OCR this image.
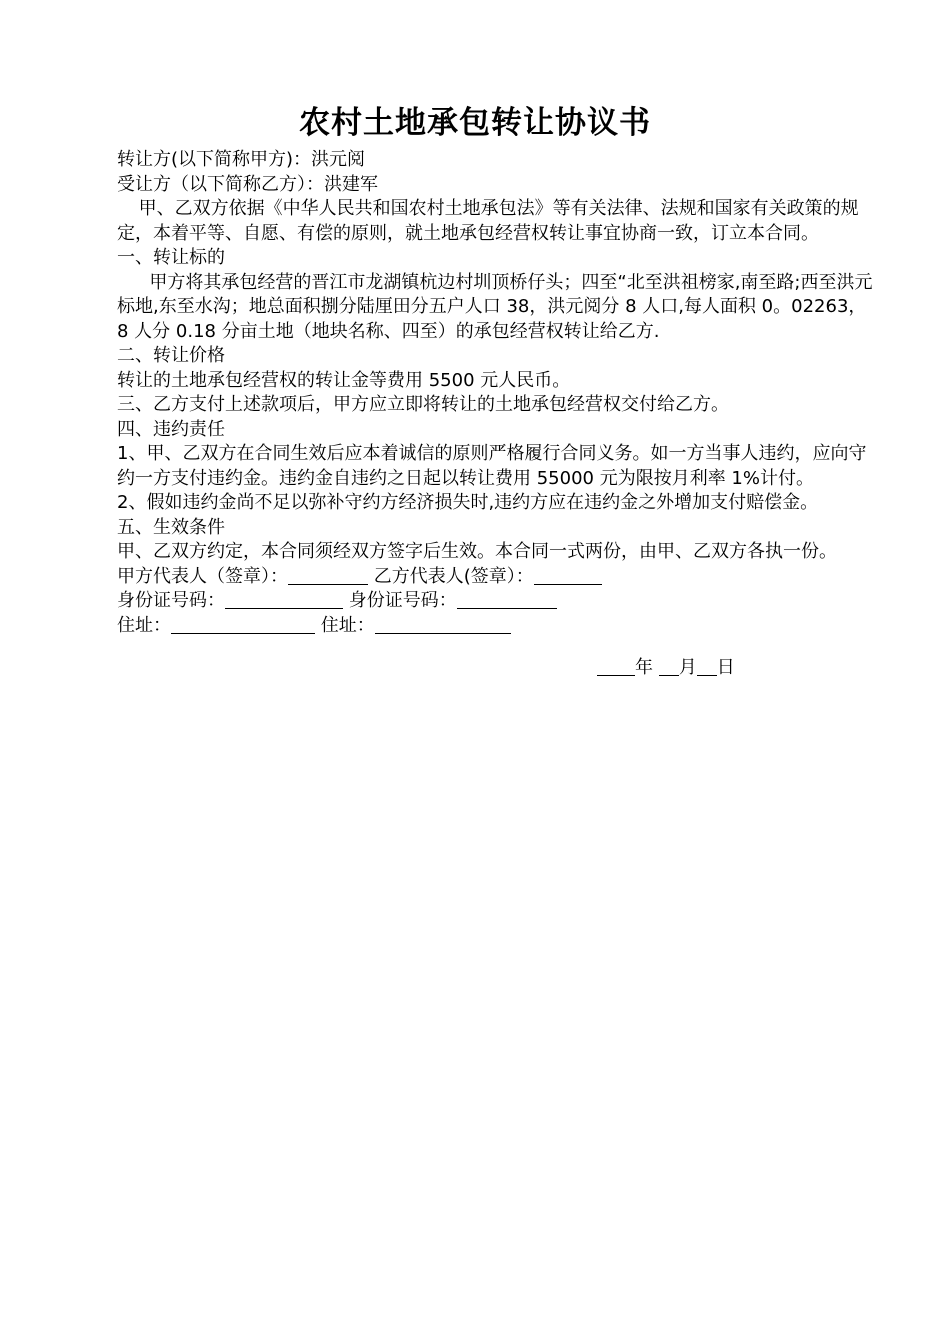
农村土地承包转让协议书

转让方(以下简称甲方)：洪元阅

受让方（以下简称乙方）：洪建军

甲、乙双方依据《中华人民共和国农村土地承包法》等有关法律、法规和国家有关政策的规定，本着平等、自愿、有偿的原则，就土地承包经营权转让事宜协商一致，订立本合同。

一、转让标的

甲方将其承包经营的晋江市龙湖镇杭边村圳顶桥仔头；四至“北至洪祖榜家,南至路;西至洪元标地,东至水沟；地总面积捌分陆厘田分五户人口 38，洪元阅分 8 人口,每人面积 0。02263，8 人分 0.18 分亩土地（地块名称、四至）的承包经营权转让给乙方.

二、转让价格

转让的土地承包经营权的转让金等费用 5500 元人民币。

三、乙方支付上述款项后，甲方应立即将转让的土地承包经营权交付给乙方。

四、违约责任

1、甲、乙双方在合同生效后应本着诚信的原则严格履行合同义务。如一方当事人违约，应向守约一方支付违约金。违约金自违约之日起以转让费用 55000 元为限按月利率 1%计付。

2、假如违约金尚不足以弥补守约方经济损失时,违约方应在违约金之外增加支付赔偿金。

五、生效条件

甲、乙双方约定，本合同须经双方签字后生效。本合同一式两份，由甲、乙双方各执一份。

甲方代表人（签章）：	乙方代表人(签章）：

身份证号码：	身份证号码：

住址：	住址：

年 月 日
